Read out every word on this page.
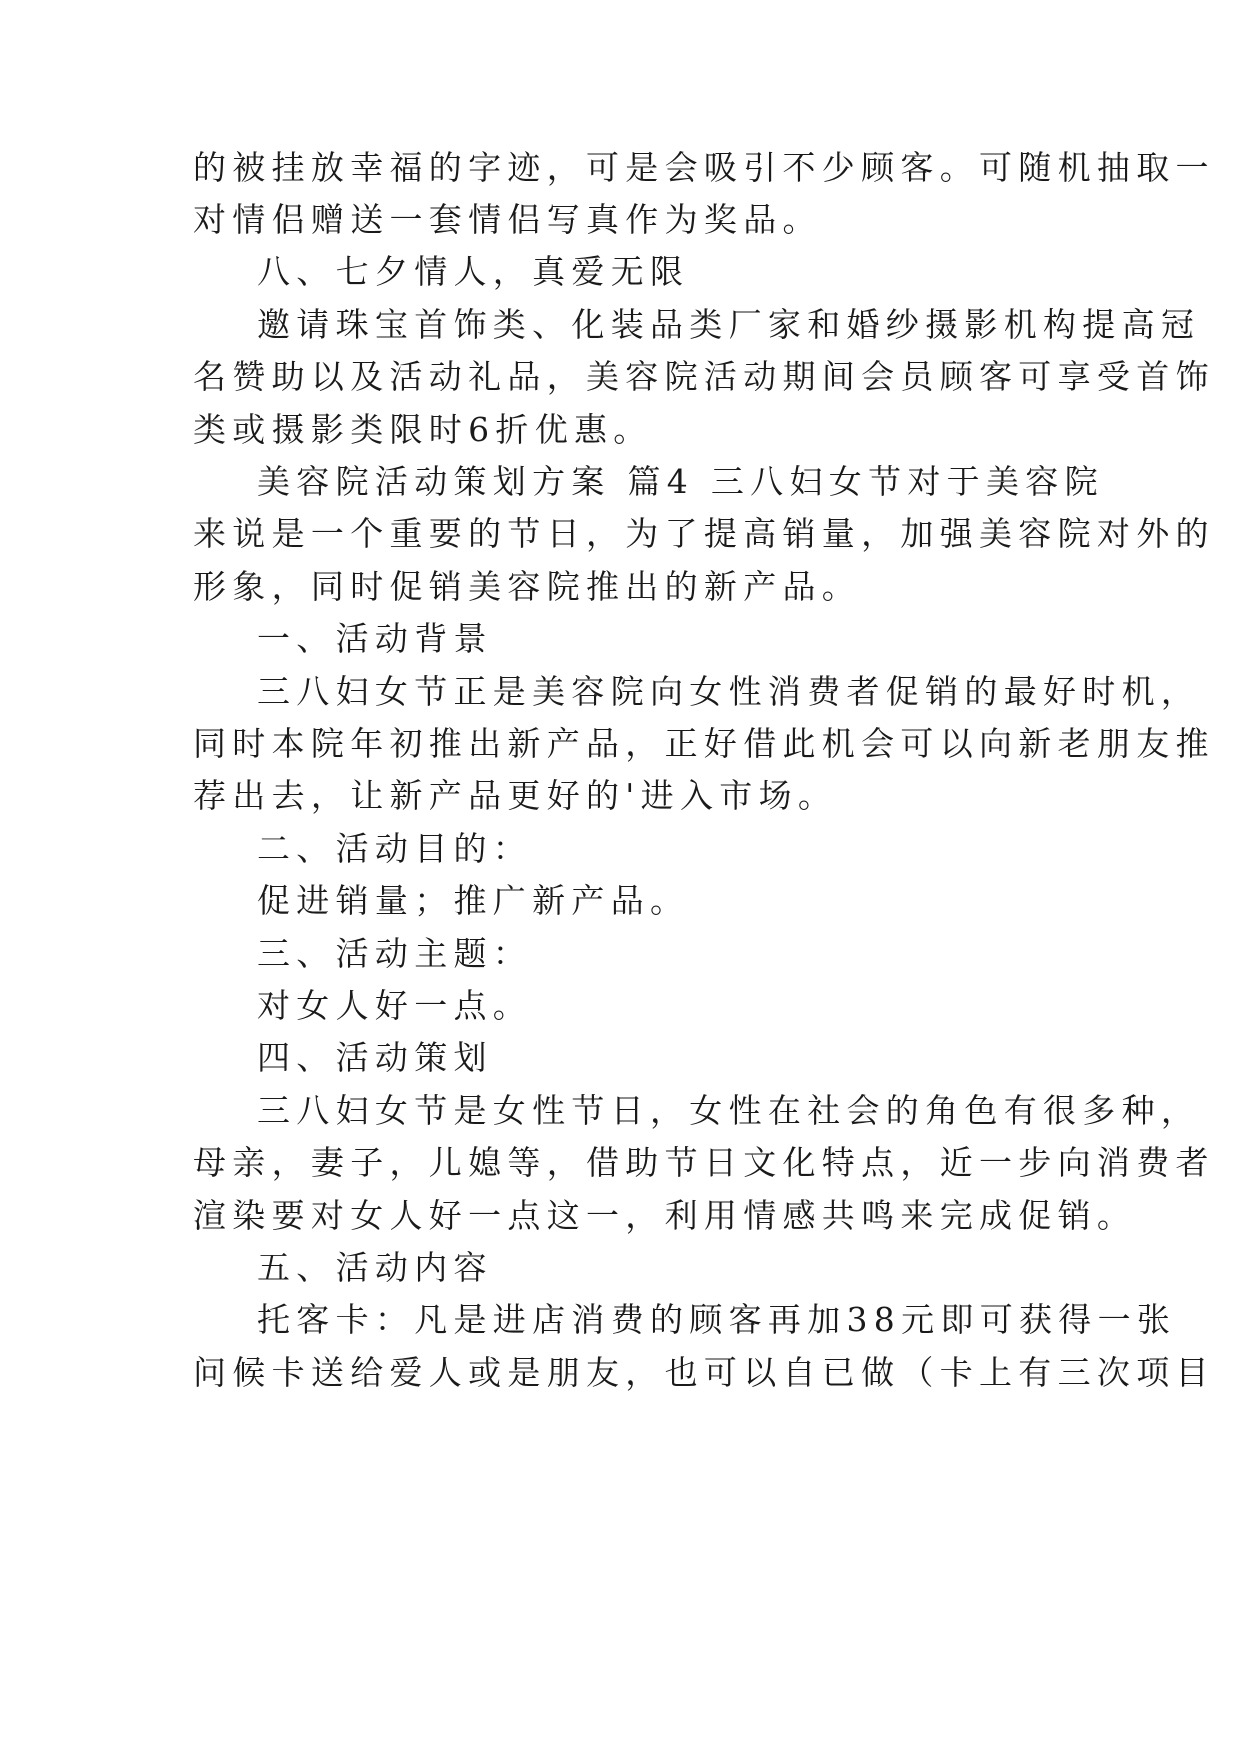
的被挂放幸福的字迹，可是会吸引不少顾客。可随机抽取一
对情侣赠送一套情侣写真作为奖品。
八、七夕情人，真爱无限
邀请珠宝首饰类、化装品类厂家和婚纱摄影机构提高冠
名赞助以及活动礼品，美容院活动期间会员顾客可享受首饰
类或摄影类限时6折优惠。
美容院活动策划方案 篇4 三八妇女节对于美容院
来说是一个重要的节日，为了提高销量，加强美容院对外的
形象，同时促销美容院推出的新产品。
一、活动背景
三八妇女节正是美容院向女性消费者促销的最好时机，
同时本院年初推出新产品，正好借此机会可以向新老朋友推
荐出去，让新产品更好的'进入市场。
二、活动目的：
促进销量；推广新产品。
三、活动主题：
对女人好一点。
四、活动策划
三八妇女节是女性节日，女性在社会的角色有很多种，
母亲，妻子，儿媳等，借助节日文化特点，近一步向消费者
渲染要对女人好一点这一，利用情感共鸣来完成促销。
五、活动内容
托客卡：凡是进店消费的顾客再加38元即可获得一张
问候卡送给爱人或是朋友，也可以自已做（卡上有三次项目
